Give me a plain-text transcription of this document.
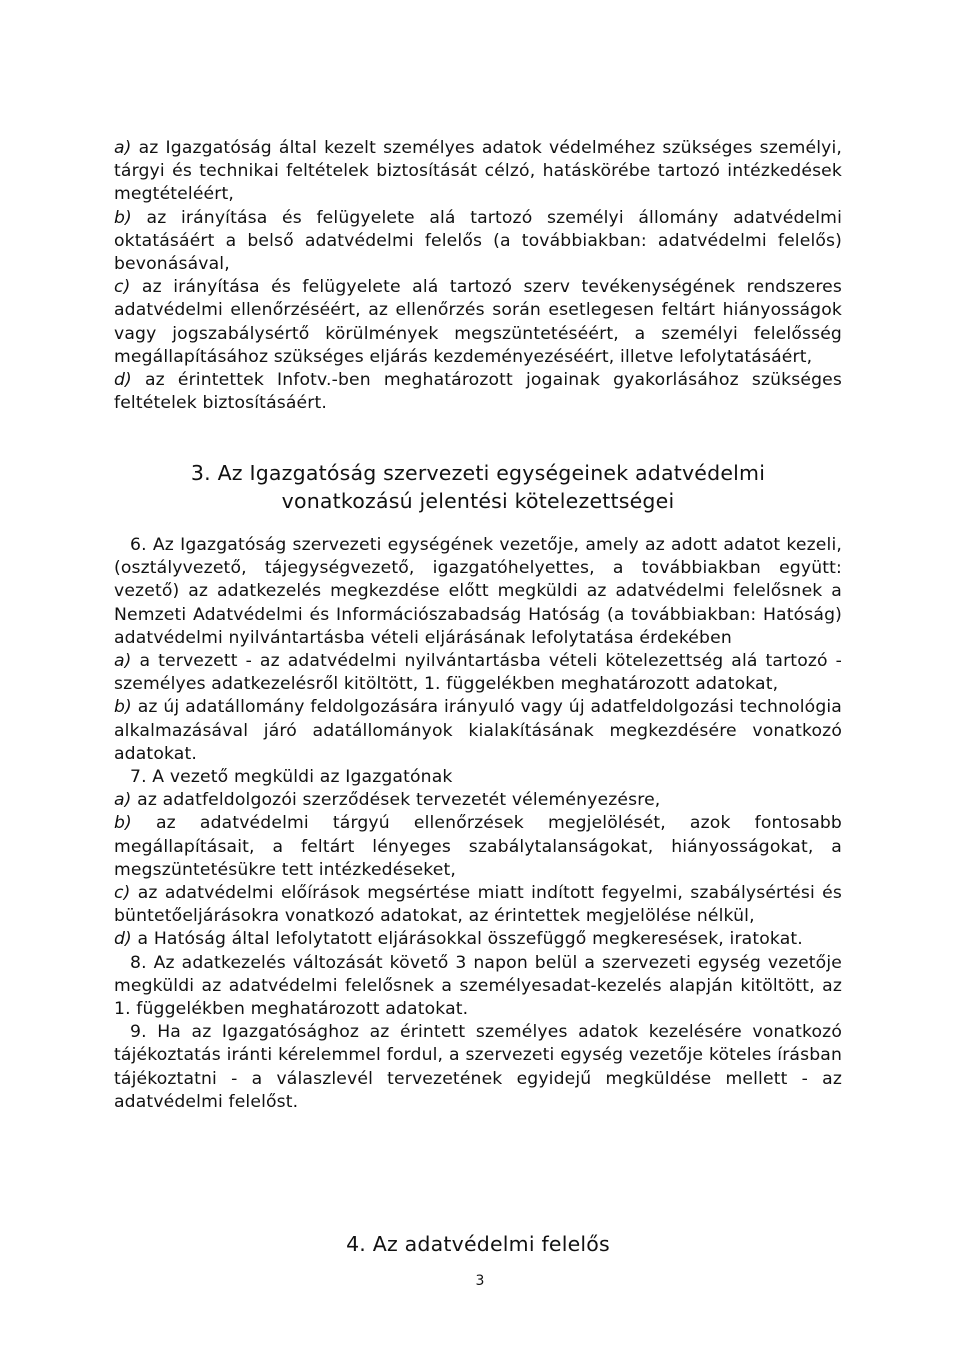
a) az Igazgatóság által kezelt személyes adatok védelméhez szükséges személyi, tárgyi és technikai feltételek biztosítását célzó, hatáskörébe tartozó intézkedések megtételéért,

b) az irányítása és felügyelete alá tartozó személyi állomány adatvédelmi oktatásáért a belső adatvédelmi felelős (a továbbiakban: adatvédelmi felelős) bevonásával,

c) az irányítása és felügyelete alá tartozó szerv tevékenységének rendszeres adatvédelmi ellenőrzéséért, az ellenőrzés során esetlegesen feltárt hiányosságok vagy jogszabálysértő körülmények megszüntetéséért, a személyi felelősség megállapításához szükséges eljárás kezdeményezéséért, illetve lefolytatásáért,

d) az érintettek Infotv.-ben meghatározott jogainak gyakorlásához szükséges feltételek biztosításáért.

3. Az Igazgatóság szervezeti egységeinek adatvédelmi
vonatkozású jelentési kötelezettségei

6. Az Igazgatóság szervezeti egységének vezetője, amely az adott adatot kezeli, (osztályvezető, tájegységvezető, igazgatóhelyettes, a továbbiakban együtt: vezető) az adatkezelés megkezdése előtt megküldi az adatvédelmi felelősnek a Nemzeti Adatvédelmi és Információszabadság Hatóság (a továbbiakban: Hatóság) adatvédelmi nyilvántartásba vételi eljárásának lefolytatása érdekében

a) a tervezett - az adatvédelmi nyilvántartásba vételi kötelezettség alá tartozó - személyes adatkezelésről kitöltött, 1. függelékben meghatározott adatokat,

b) az új adatállomány feldolgozására irányuló vagy új adatfeldolgozási technológia alkalmazásával járó adatállományok kialakításának megkezdésére vonatkozó adatokat.

7. A vezető megküldi az Igazgatónak

a) az adatfeldolgozói szerződések tervezetét véleményezésre,

b) az adatvédelmi tárgyú ellenőrzések megjelölését, azok fontosabb megállapításait, a feltárt lényeges szabálytalanságokat, hiányosságokat, a megszüntetésükre tett intézkedéseket,

c) az adatvédelmi előírások megsértése miatt indított fegyelmi, szabálysértési és büntetőeljárásokra vonatkozó adatokat, az érintettek megjelölése nélkül,

d) a Hatóság által lefolytatott eljárásokkal összefüggő megkeresések, iratokat.

8. Az adatkezelés változását követő 3 napon belül a szervezeti egység vezetője megküldi az adatvédelmi felelősnek a személyesadat-kezelés alapján kitöltött, az 1. függelékben meghatározott adatokat.

9. Ha az Igazgatósághoz az érintett személyes adatok kezelésére vonatkozó tájékoztatás iránti kérelemmel fordul, a szervezeti egység vezetője köteles írásban tájékoztatni - a válaszlevél tervezetének egyidejű megküldése mellett - az adatvédelmi felelőst.

4. Az adatvédelmi felelős
3
